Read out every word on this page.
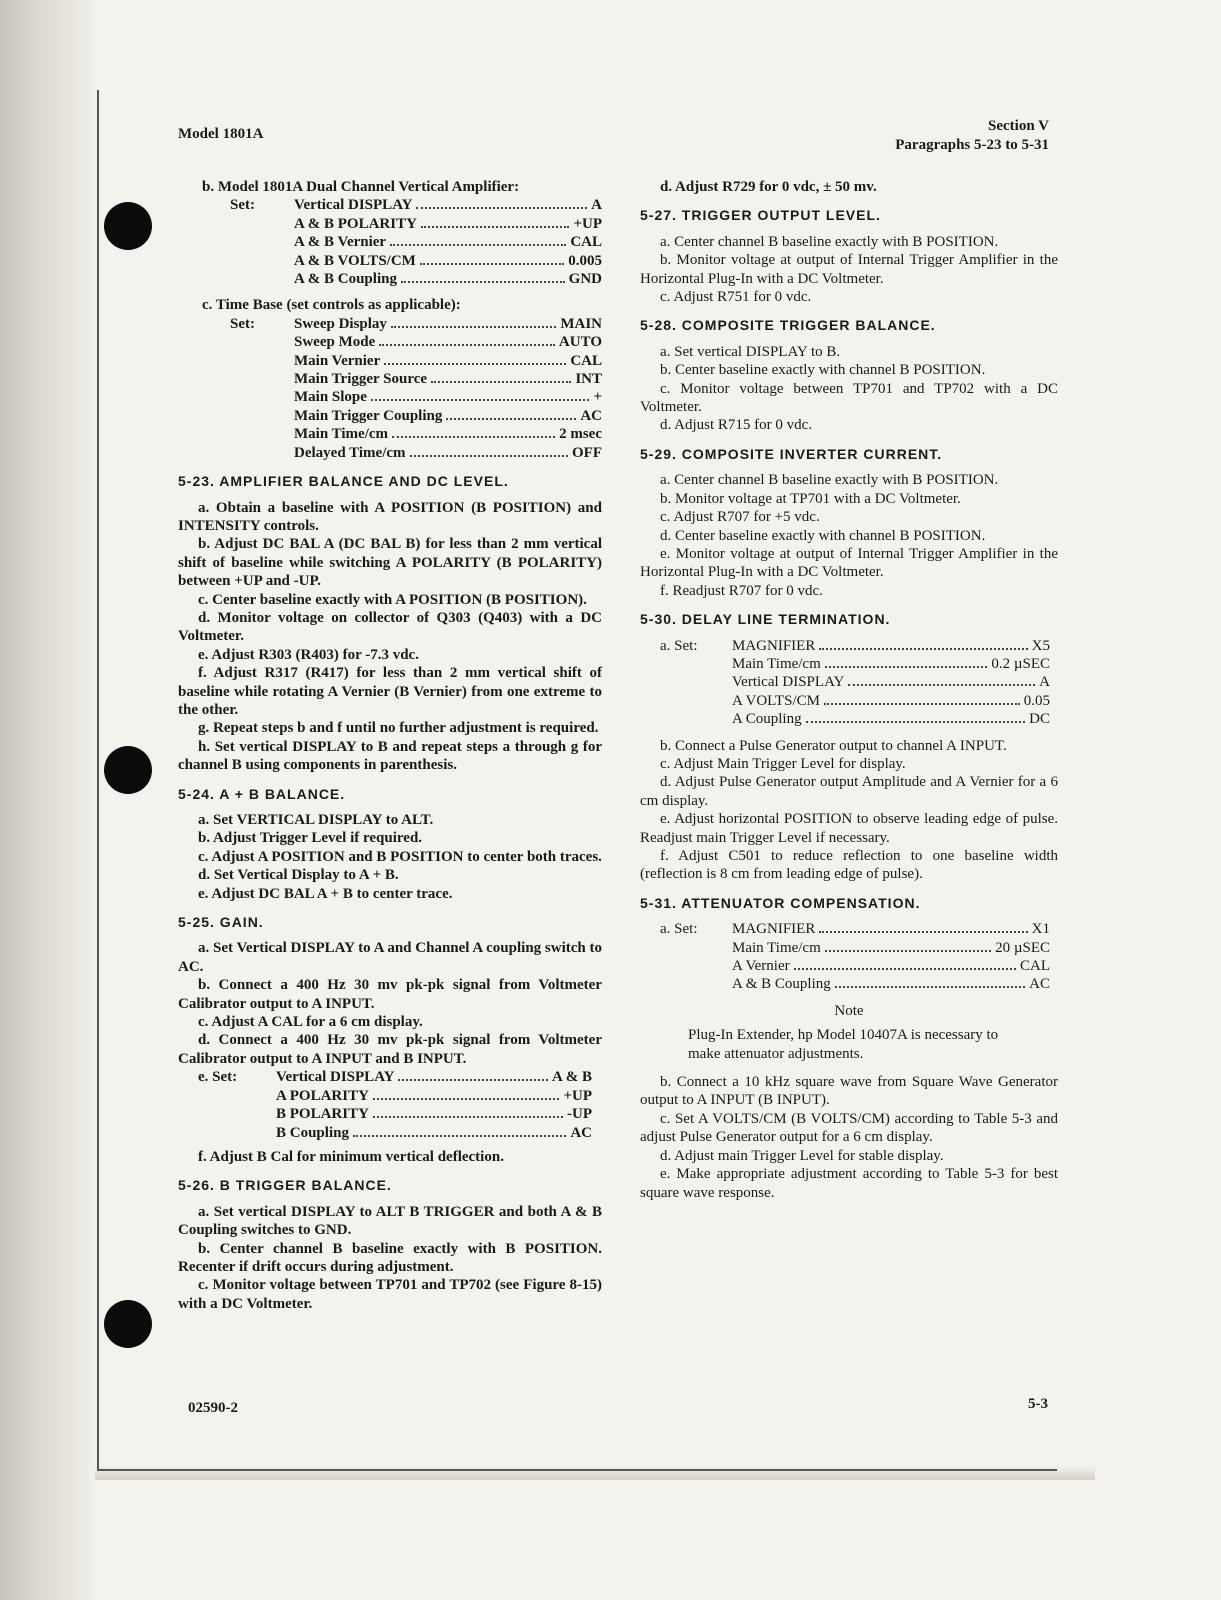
Model 1801A	Section V
Paragraphs 5-23 to 5-31
b. Model 1801A Dual Channel Vertical Amplifier:
Set:	Vertical DISPLAY	A
A & B POLARITY	+UP
A & B Vernier	CAL
A & B VOLTS/CM	0.005
A & B Coupling	GND
c. Time Base (set controls as applicable):
Set:	Sweep Display	MAIN
Sweep Mode	AUTO
Main Vernier	CAL
Main Trigger Source	INT
Main Slope	+
Main Trigger Coupling	AC
Main Time/cm	2 msec
Delayed Time/cm	OFF
5-23. AMPLIFIER BALANCE AND DC LEVEL.

a. Obtain a baseline with A POSITION (B POSITION) and INTENSITY controls.

b. Adjust DC BAL A (DC BAL B) for less than 2 mm vertical shift of baseline while switching A POLARITY (B POLARITY) between +UP and -UP.

c. Center baseline exactly with A POSITION (B POSITION).

d. Monitor voltage on collector of Q303 (Q403) with a DC Voltmeter.

e. Adjust R303 (R403) for -7.3 vdc.

f. Adjust R317 (R417) for less than 2 mm vertical shift of baseline while rotating A Vernier (B Vernier) from one extreme to the other.

g. Repeat steps b and f until no further adjustment is required.

h. Set vertical DISPLAY to B and repeat steps a through g for channel B using components in parenthesis.

5-24. A + B BALANCE.

a. Set VERTICAL DISPLAY to ALT.

b. Adjust Trigger Level if required.

c. Adjust A POSITION and B POSITION to center both traces.

d. Set Vertical Display to A + B.

e. Adjust DC BAL A + B to center trace.

5-25. GAIN.

a. Set Vertical DISPLAY to A and Channel A coupling switch to AC.

b. Connect a 400 Hz 30 mv pk-pk signal from Voltmeter Calibrator output to A INPUT.

c. Adjust A CAL for a 6 cm display.

d. Connect a 400 Hz 30 mv pk-pk signal from Voltmeter Calibrator output to A INPUT and B INPUT.

e. Set:	Vertical DISPLAY	A & B
A POLARITY	+UP
B POLARITY	-UP
B Coupling	AC

f. Adjust B Cal for minimum vertical deflection.

5-26. B TRIGGER BALANCE.

a. Set vertical DISPLAY to ALT B TRIGGER and both A & B Coupling switches to GND.

b. Center channel B baseline exactly with B POSITION. Recenter if drift occurs during adjustment.

c. Monitor voltage between TP701 and TP702 (see Figure 8-15) with a DC Voltmeter.

d. Adjust R729 for 0 vdc, ± 50 mv.

5-27. TRIGGER OUTPUT LEVEL.

a. Center channel B baseline exactly with B POSITION.

b. Monitor voltage at output of Internal Trigger Amplifier in the Horizontal Plug-In with a DC Voltmeter.

c. Adjust R751 for 0 vdc.

5-28. COMPOSITE TRIGGER BALANCE.

a. Set vertical DISPLAY to B.

b. Center baseline exactly with channel B POSITION.

c. Monitor voltage between TP701 and TP702 with a DC Voltmeter.

d. Adjust R715 for 0 vdc.

5-29. COMPOSITE INVERTER CURRENT.

a. Center channel B baseline exactly with B POSITION.

b. Monitor voltage at TP701 with a DC Voltmeter.

c. Adjust R707 for +5 vdc.

d. Center baseline exactly with channel B POSITION.

e. Monitor voltage at output of Internal Trigger Amplifier in the Horizontal Plug-In with a DC Voltmeter.

f. Readjust R707 for 0 vdc.

5-30. DELAY LINE TERMINATION.
a. Set:	MAGNIFIER	X5
Main Time/cm	0.2 µSEC
Vertical DISPLAY	A
A VOLTS/CM	0.05
A Coupling	DC

b. Connect a Pulse Generator output to channel A INPUT.

c. Adjust Main Trigger Level for display.

d. Adjust Pulse Generator output Amplitude and A Vernier for a 6 cm display.

e. Adjust horizontal POSITION to observe leading edge of pulse. Readjust main Trigger Level if necessary.

f. Adjust C501 to reduce reflection to one baseline width (reflection is 8 cm from leading edge of pulse).

5-31. ATTENUATOR COMPENSATION.
a. Set:	MAGNIFIER	X1
Main Time/cm	20 µSEC
A Vernier	CAL
A & B Coupling	AC
Note
Plug-In Extender, hp Model 10407A is necessary to make attenuator adjustments.

b. Connect a 10 kHz square wave from Square Wave Generator output to A INPUT (B INPUT).

c. Set A VOLTS/CM (B VOLTS/CM) according to Table 5-3 and adjust Pulse Generator output for a 6 cm display.

d. Adjust main Trigger Level for stable display.

e. Make appropriate adjustment according to Table 5-3 for best square wave response.

02590-2	5-3
